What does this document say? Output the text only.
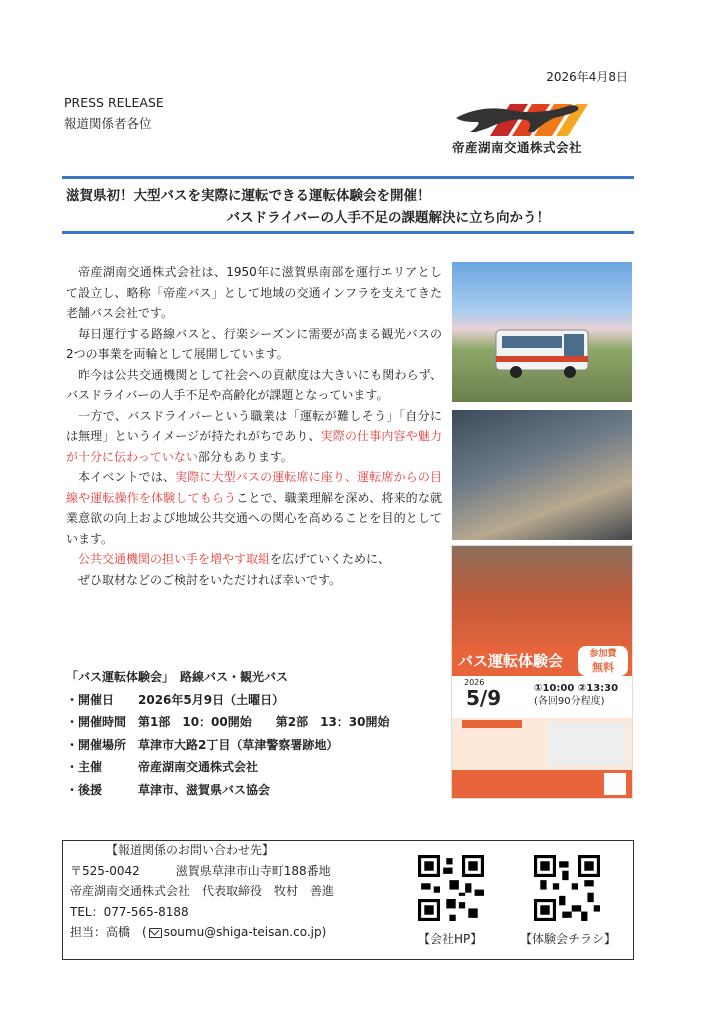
2026年4月8日
PRESS RELEASE
報道関係者各位
帝産湖南交通株式会社
滋賀県初！大型バスを実際に運転できる運転体験会を開催！
バスドライバーの人手不足の課題解決に立ち向かう！

帝産湖南交通株式会社は、1950年に滋賀県南部を運行エリアとして設立し、略称「帝産バス」として地域の交通インフラを支えてきた老舗バス会社です。

毎日運行する路線バスと、行楽シーズンに需要が高まる観光バスの2つの事業を両輪として展開しています。

昨今は公共交通機関として社会への貢献度は大きいにも関わらず、バスドライバーの人手不足や高齢化が課題となっています。

一方で、バスドライバーという職業は「運転が難しそう」「自分には無理」というイメージが持たれがちであり、実際の仕事内容や魅力が十分に伝わっていない部分もあります。

本イベントでは、実際に大型バスの運転席に座り、運転席からの目線や運転操作を体験してもらうことで、職業理解を深め、将来的な就業意欲の向上および地域公共交通への関心を高めることを目的としています。

公共交通機関の担い手を増やす取組を広げていくために、

ぜひ取材などのご検討をいただければ幸いです。

バス運転体験会	参加費
無料
2026
5/9	①10:00 ②13:30
(各回90分程度)
「バス運転体験会」　路線バス・観光バス
・開催日　　2026年5月9日（土曜日）
・開催時間　第1部　10：00開始　　第2部　13：30開始
・開催場所　草津市大路2丁目（草津警察署跡地）
・主催　　　帝産湖南交通株式会社
・後援　　　草津市、滋賀県バス協会
【報道関係のお問い合わせ先】
〒525-0042　　　滋賀県草津市山寺町188番地
帝産湖南交通株式会社　代表取締役　牧村　善進
TEL：077-565-8188
担当：高橋　( soumu@shiga-teisan.co.jp)	【会社HP】	【体験会チラシ】
